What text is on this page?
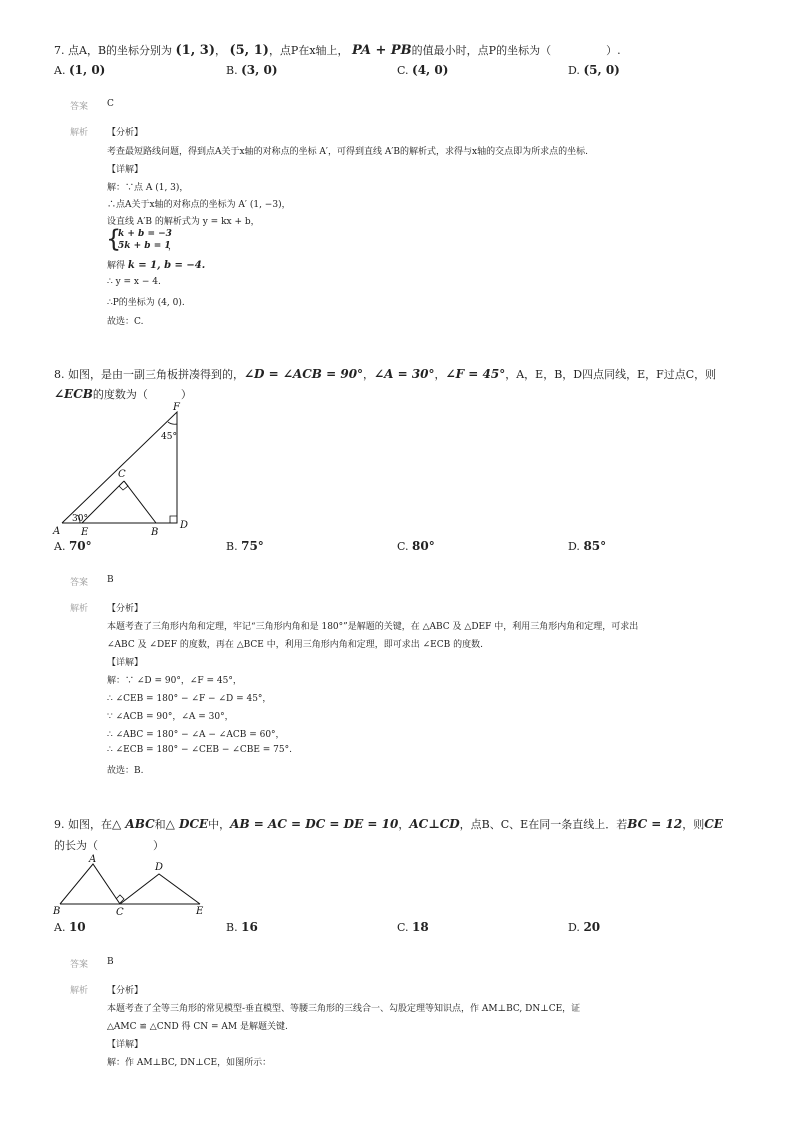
7. 点A，B的坐标分别为 (1, 3)， (5, 1)，点P在x轴上， PA + PB的值最小时，点P的坐标为（　　　　　）.
A. (1, 0)	B. (3, 0)	C. (4, 0)	D. (5, 0)
答案 C
解析 【分析】
考查最短路线问题，得到点A关于x轴的对称点的坐标 A′，可得到直线 A′B的解析式，求得与x轴的交点即为所求点的坐标.
【详解】
解：∵点 A (1, 3)，
∴点A关于x轴的对称点的坐标为 A′ (1, −3)，
设直线 A′B 的解析式为 y = kx + b，
{
k + b = −3
5k + b = 1
，
解得 k = 1, b = −4.
∴ y = x − 4.
∴P的坐标为 (4, 0).
故选：C.
8. 如图，是由一副三角板拼凑得到的，∠D = ∠ACB = 90°，∠A = 30°，∠F = 45°，A，E，B，D四点同线，E，F过点C，则
∠ECB的度数为（　　　）
A E	B
D
C
F
30°
45°
A. 70°	B. 75°	C. 80°	D. 85°
答案 B
解析 【分析】
本题考查了三角形内角和定理，牢记“三角形内角和是 180°”是解题的关键，在 △ABC 及 △DEF 中，利用三角形内角和定理，可求出
∠ABC 及 ∠DEF 的度数，再在 △BCE 中，利用三角形内角和定理，即可求出 ∠ECB 的度数.
【详解】
解：∵ ∠D = 90°，∠F = 45°，
∴ ∠CEB = 180° − ∠F − ∠D = 45°，
∵ ∠ACB = 90°，∠A = 30°，
∴ ∠ABC = 180° − ∠A − ∠ACB = 60°，
∴ ∠ECB = 180° − ∠CEB − ∠CBE = 75°.
故选：B.
9. 如图，在△ ABC和△ DCE中，AB = AC = DC = DE = 10，AC⊥CD，点B、C、E在同一条直线上．若BC = 12，则CE
的长为（　　　　　）
A
B	C
D
E
A. 10	B. 16	C. 18	D. 20
答案 B
解析 【分析】
本题考查了全等三角形的常见模型-垂直模型、等腰三角形的三线合一、勾股定理等知识点，作 AM⊥BC, DN⊥CE，证
△AMC ≌ △CND 得 CN = AM 是解题关键.
【详解】
解：作 AM⊥BC, DN⊥CE，如图所示：
